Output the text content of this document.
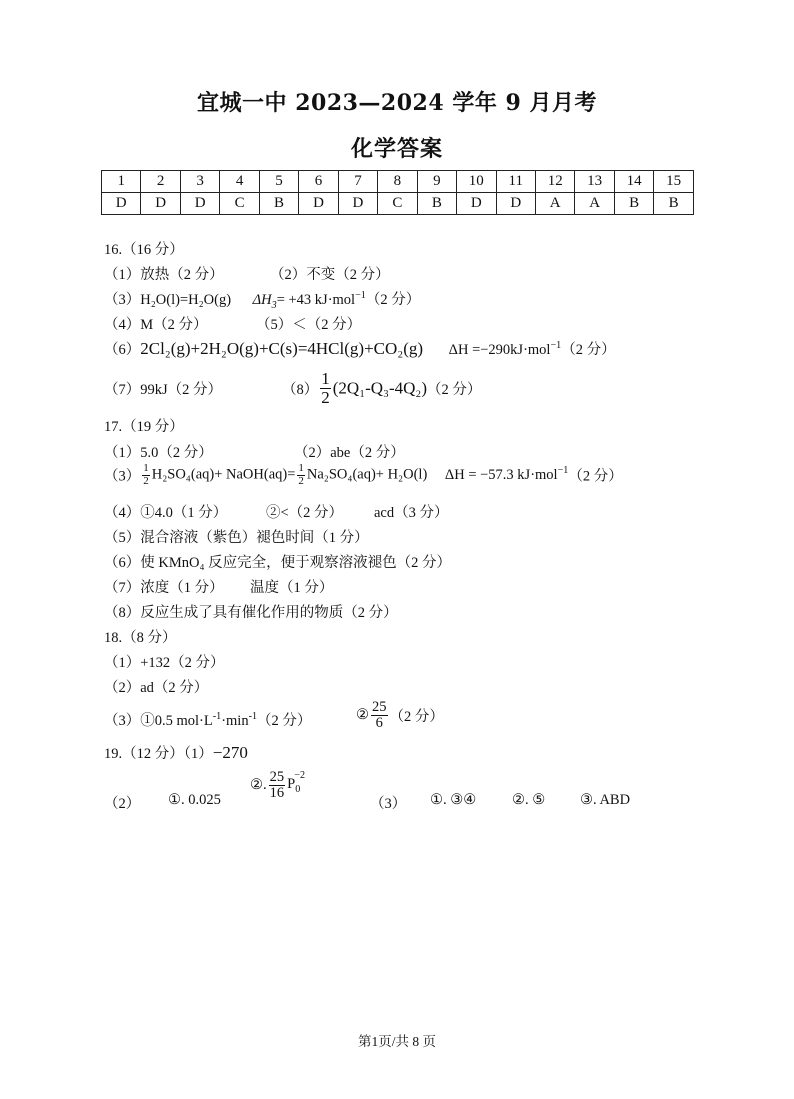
宜城一中 2023—2024 学年 9 月月考
化学答案
1	2	3	4	5	6	7	8	9	10	11	12	13	14	15
D	D	D	C	B	D	D	C	B	D	D	A	A	B	B
16.（16 分）
（1）放热（2 分）	（2）不变（2 分）
（3）H₂O(l)=H₂O(g) $\Delta H_3= +43$ kJ·mol$^{-1}$（2 分）
（4）M（2 分）	（5）＜（2 分）
（6）2Cl₂(g)+2H₂O(g)+C(s)=4HCl(g)+CO₂(g) ΔH =−290kJ·mol$^{-1}$（2 分）
（7）99kJ（2 分）	$(8) \frac{1}{2} (2Q_1-Q_3-4Q_2)(2$ 分）
17.（19 分）
（1）5.0（2 分）	（2）abe（2 分）
$(3) \frac{1}{2} H_2SO_4(aq)+$ NaOH(aq)= $\frac{1}{2} Na_2SO_4(aq)+ H_2O(l) \Delta H = -57.3$ kJ·mol$^{-1}$（2 分）
（4）①4.0（1 分）	②<（2 分） acd（3 分）
（5）混合溶液（紫色）褪色时间（1 分）
（6）使 KMnO₄ 反应完全，便于观察溶液褪色（2 分）
（7）浓度（1 分） 温度（1 分）
（8）反应生成了具有催化作用的物质（2 分）
18.（8 分）
（1）+132（2 分）
（2）ad（2 分）
（3）①0.5 $mol\cdot L^{-1}\cdot\min^{-1}(2$ 分）	② $\frac{25}{6} (2$ 分）
19.（12 分）（1）−270
（2） ①. 0.025
②. $\frac{25}{16} P_0^{-2}$
（3） ①. ③④ ②. ⑤ ③. ABD
第1页/共 8 页
